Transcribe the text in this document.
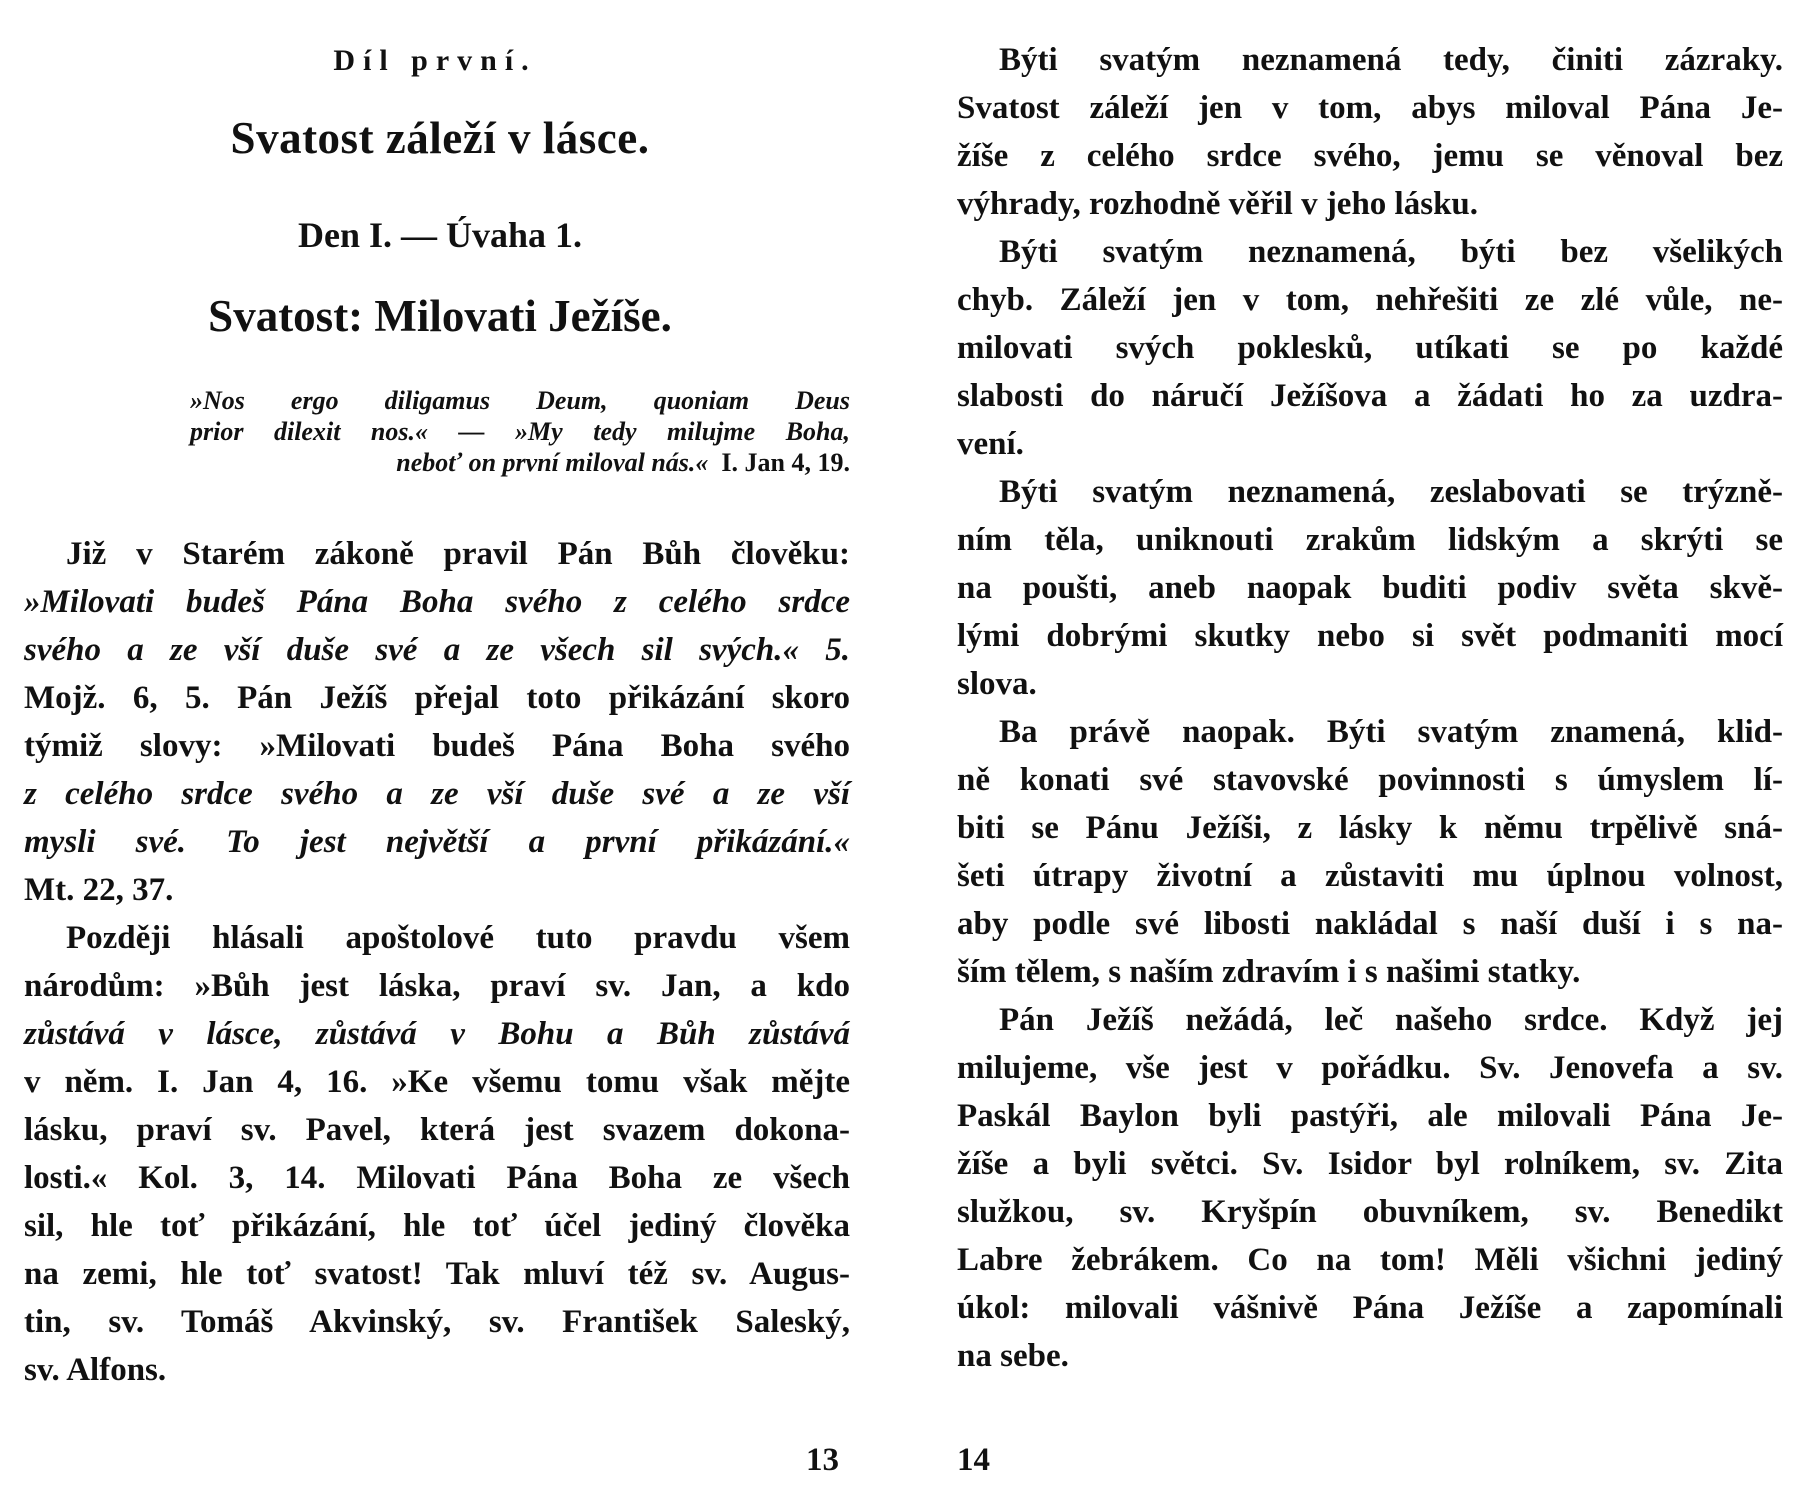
Díl první.
Svatost záleží v lásce.
Den I. — Úvaha 1.
Svatost: Milovati Ježíše.
»Nos ergo diligamus Deum, quoniam Deus
prior dilexit nos.« — »My tedy milujme Boha,
neboť on první miloval nás.« I. Jan 4, 19.
Již v Starém zákoně pravil Pán Bůh člověku:
»Milovati budeš Pána Boha svého z celého srdce
svého a ze vší duše své a ze všech sil svých.« 5.
Mojž. 6, 5. Pán Ježíš přejal toto přikázání skoro
týmiž slovy: »Milovati budeš Pána Boha svého
z celého srdce svého a ze vší duše své a ze vší
mysli své. To jest největší a první přikázání.«
Mt. 22, 37.
Později hlásali apoštolové tuto pravdu všem
národům: »Bůh jest láska, praví sv. Jan, a kdo
zůstává v lásce, zůstává v Bohu a Bůh zůstává
v něm. I. Jan 4, 16. »Ke všemu tomu však mějte
lásku, praví sv. Pavel, která jest svazem dokona-
losti.« Kol. 3, 14. Milovati Pána Boha ze všech
sil, hle toť přikázání, hle toť účel jediný člověka
na zemi, hle toť svatost! Tak mluví též sv. Augus-
tin, sv. Tomáš Akvinský, sv. František Saleský,
sv. Alfons.
13
Býti svatým neznamená tedy, činiti zázraky.
Svatost záleží jen v tom, abys miloval Pána Je-
žíše z celého srdce svého, jemu se věnoval bez
výhrady, rozhodně věřil v jeho lásku.
Býti svatým neznamená, býti bez všelikých
chyb. Záleží jen v tom, nehřešiti ze zlé vůle, ne-
milovati svých poklesků, utíkati se po každé
slabosti do náručí Ježíšova a žádati ho za uzdra-
vení.
Býti svatým neznamená, zeslabovati se trýzně-
ním těla, uniknouti zrakům lidským a skrýti se
na poušti, aneb naopak buditi podiv světa skvě-
lými dobrými skutky nebo si svět podmaniti mocí
slova.
Ba právě naopak. Býti svatým znamená, klid-
ně konati své stavovské povinnosti s úmyslem lí-
biti se Pánu Ježíši, z lásky k němu trpělivě sná-
šeti útrapy životní a zůstaviti mu úplnou volnost,
aby podle své libosti nakládal s naší duší i s na-
ším tělem, s naším zdravím i s našimi statky.
Pán Ježíš nežádá, leč našeho srdce. Když jej
milujeme, vše jest v pořádku. Sv. Jenovefa a sv.
Paskál Baylon byli pastýři, ale milovali Pána Je-
žíše a byli světci. Sv. Isidor byl rolníkem, sv. Zita
služkou, sv. Kryšpín obuvníkem, sv. Benedikt
Labre žebrákem. Co na tom! Měli všichni jediný
úkol: milovali vášnivě Pána Ježíše a zapomínali
na sebe.
14
